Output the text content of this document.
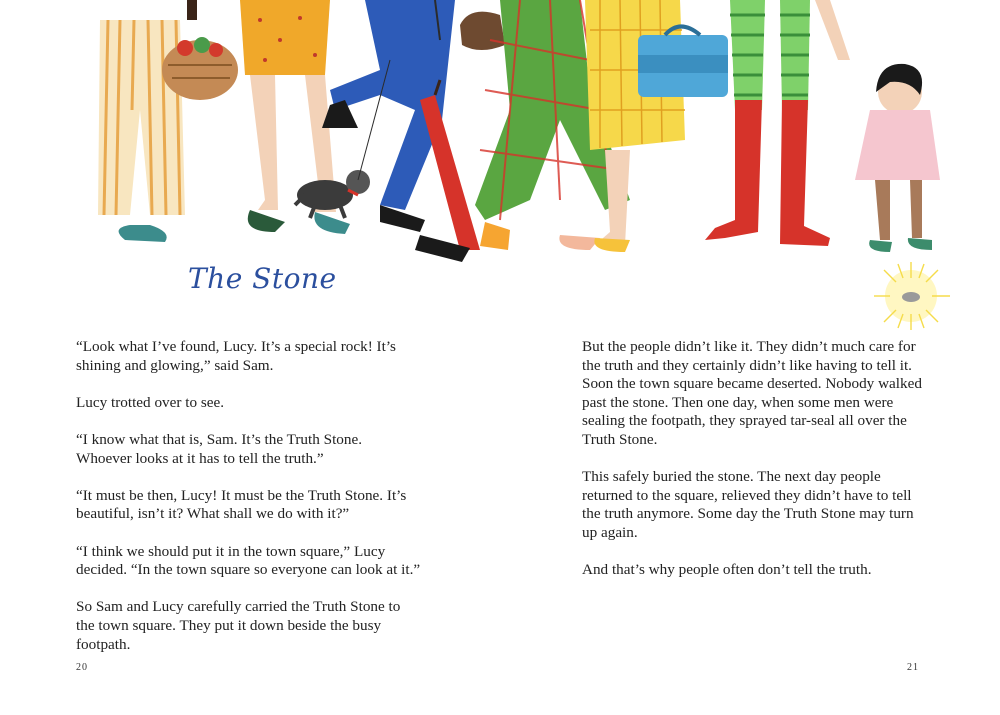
The Stone

“Look what I’ve found, Lucy. It’s a special rock! It’s shining and glowing,” said Sam.

Lucy trotted over to see.

“I know what that is, Sam. It’s the Truth Stone. Whoever looks at it has to tell the truth.”

“It must be then, Lucy! It must be the Truth Stone. It’s beautiful, isn’t it? What shall we do with it?”

“I think we should put it in the town square,” Lucy decided. “In the town square so everyone can look at it.”

So Sam and Lucy carefully carried the Truth Stone to the town square. They put it down beside the busy footpath.

But the people didn’t like it. They didn’t much care for the truth and they certainly didn’t like having to tell it. Soon the town square became deserted. Nobody walked past the stone. Then one day, when some men were sealing the footpath, they sprayed tar-seal all over the Truth Stone.

This safely buried the stone. The next day people returned to the square, relieved they didn’t have to tell the truth anymore. Some day the Truth Stone may turn up again.

And that’s why people often don’t tell the truth.

20	21
